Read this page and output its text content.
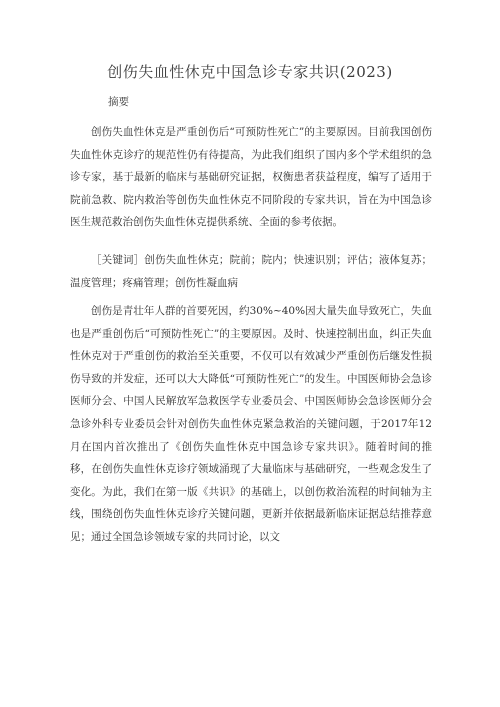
创伤失血性休克中国急诊专家共识(2023)
摘要

创伤失血性休克是严重创伤后“可预防性死亡”的主要原因。目前我国创伤失血性休克诊疗的规范性仍有待提高，为此我们组织了国内多个学术组织的急诊专家，基于最新的临床与基础研究证据，权衡患者获益程度，编写了适用于院前急救、院内救治等创伤失血性休克不同阶段的专家共识，旨在为中国急诊医生规范救治创伤失血性休克提供系统、全面的参考依据。

［关键词］创伤失血性休克；院前；院内；快速识别；评估；液体复苏；温度管理；疼痛管理；创伤性凝血病

创伤是青壮年人群的首要死因，约30%~40%因大量失血导致死亡，失血也是严重创伤后“可预防性死亡”的主要原因。及时、快速控制出血，纠正失血性休克对于严重创伤的救治至关重要，不仅可以有效减少严重创伤后继发性损伤导致的并发症，还可以大大降低“可预防性死亡”的发生。中国医师协会急诊医师分会、中国人民解放军急救医学专业委员会、中国医师协会急诊医师分会急诊外科专业委员会针对创伤失血性休克紧急救治的关键问题，于2017年12月在国内首次推出了《创伤失血性休克中国急诊专家共识》。随着时间的推移，在创伤失血性休克诊疗领域涌现了大量临床与基础研究，一些观念发生了变化。为此，我们在第一版《共识》的基础上，以创伤救治流程的时间轴为主线，围绕创伤失血性休克诊疗关键问题，更新并依据最新临床证据总结推荐意见；通过全国急诊领域专家的共同讨论，以文
